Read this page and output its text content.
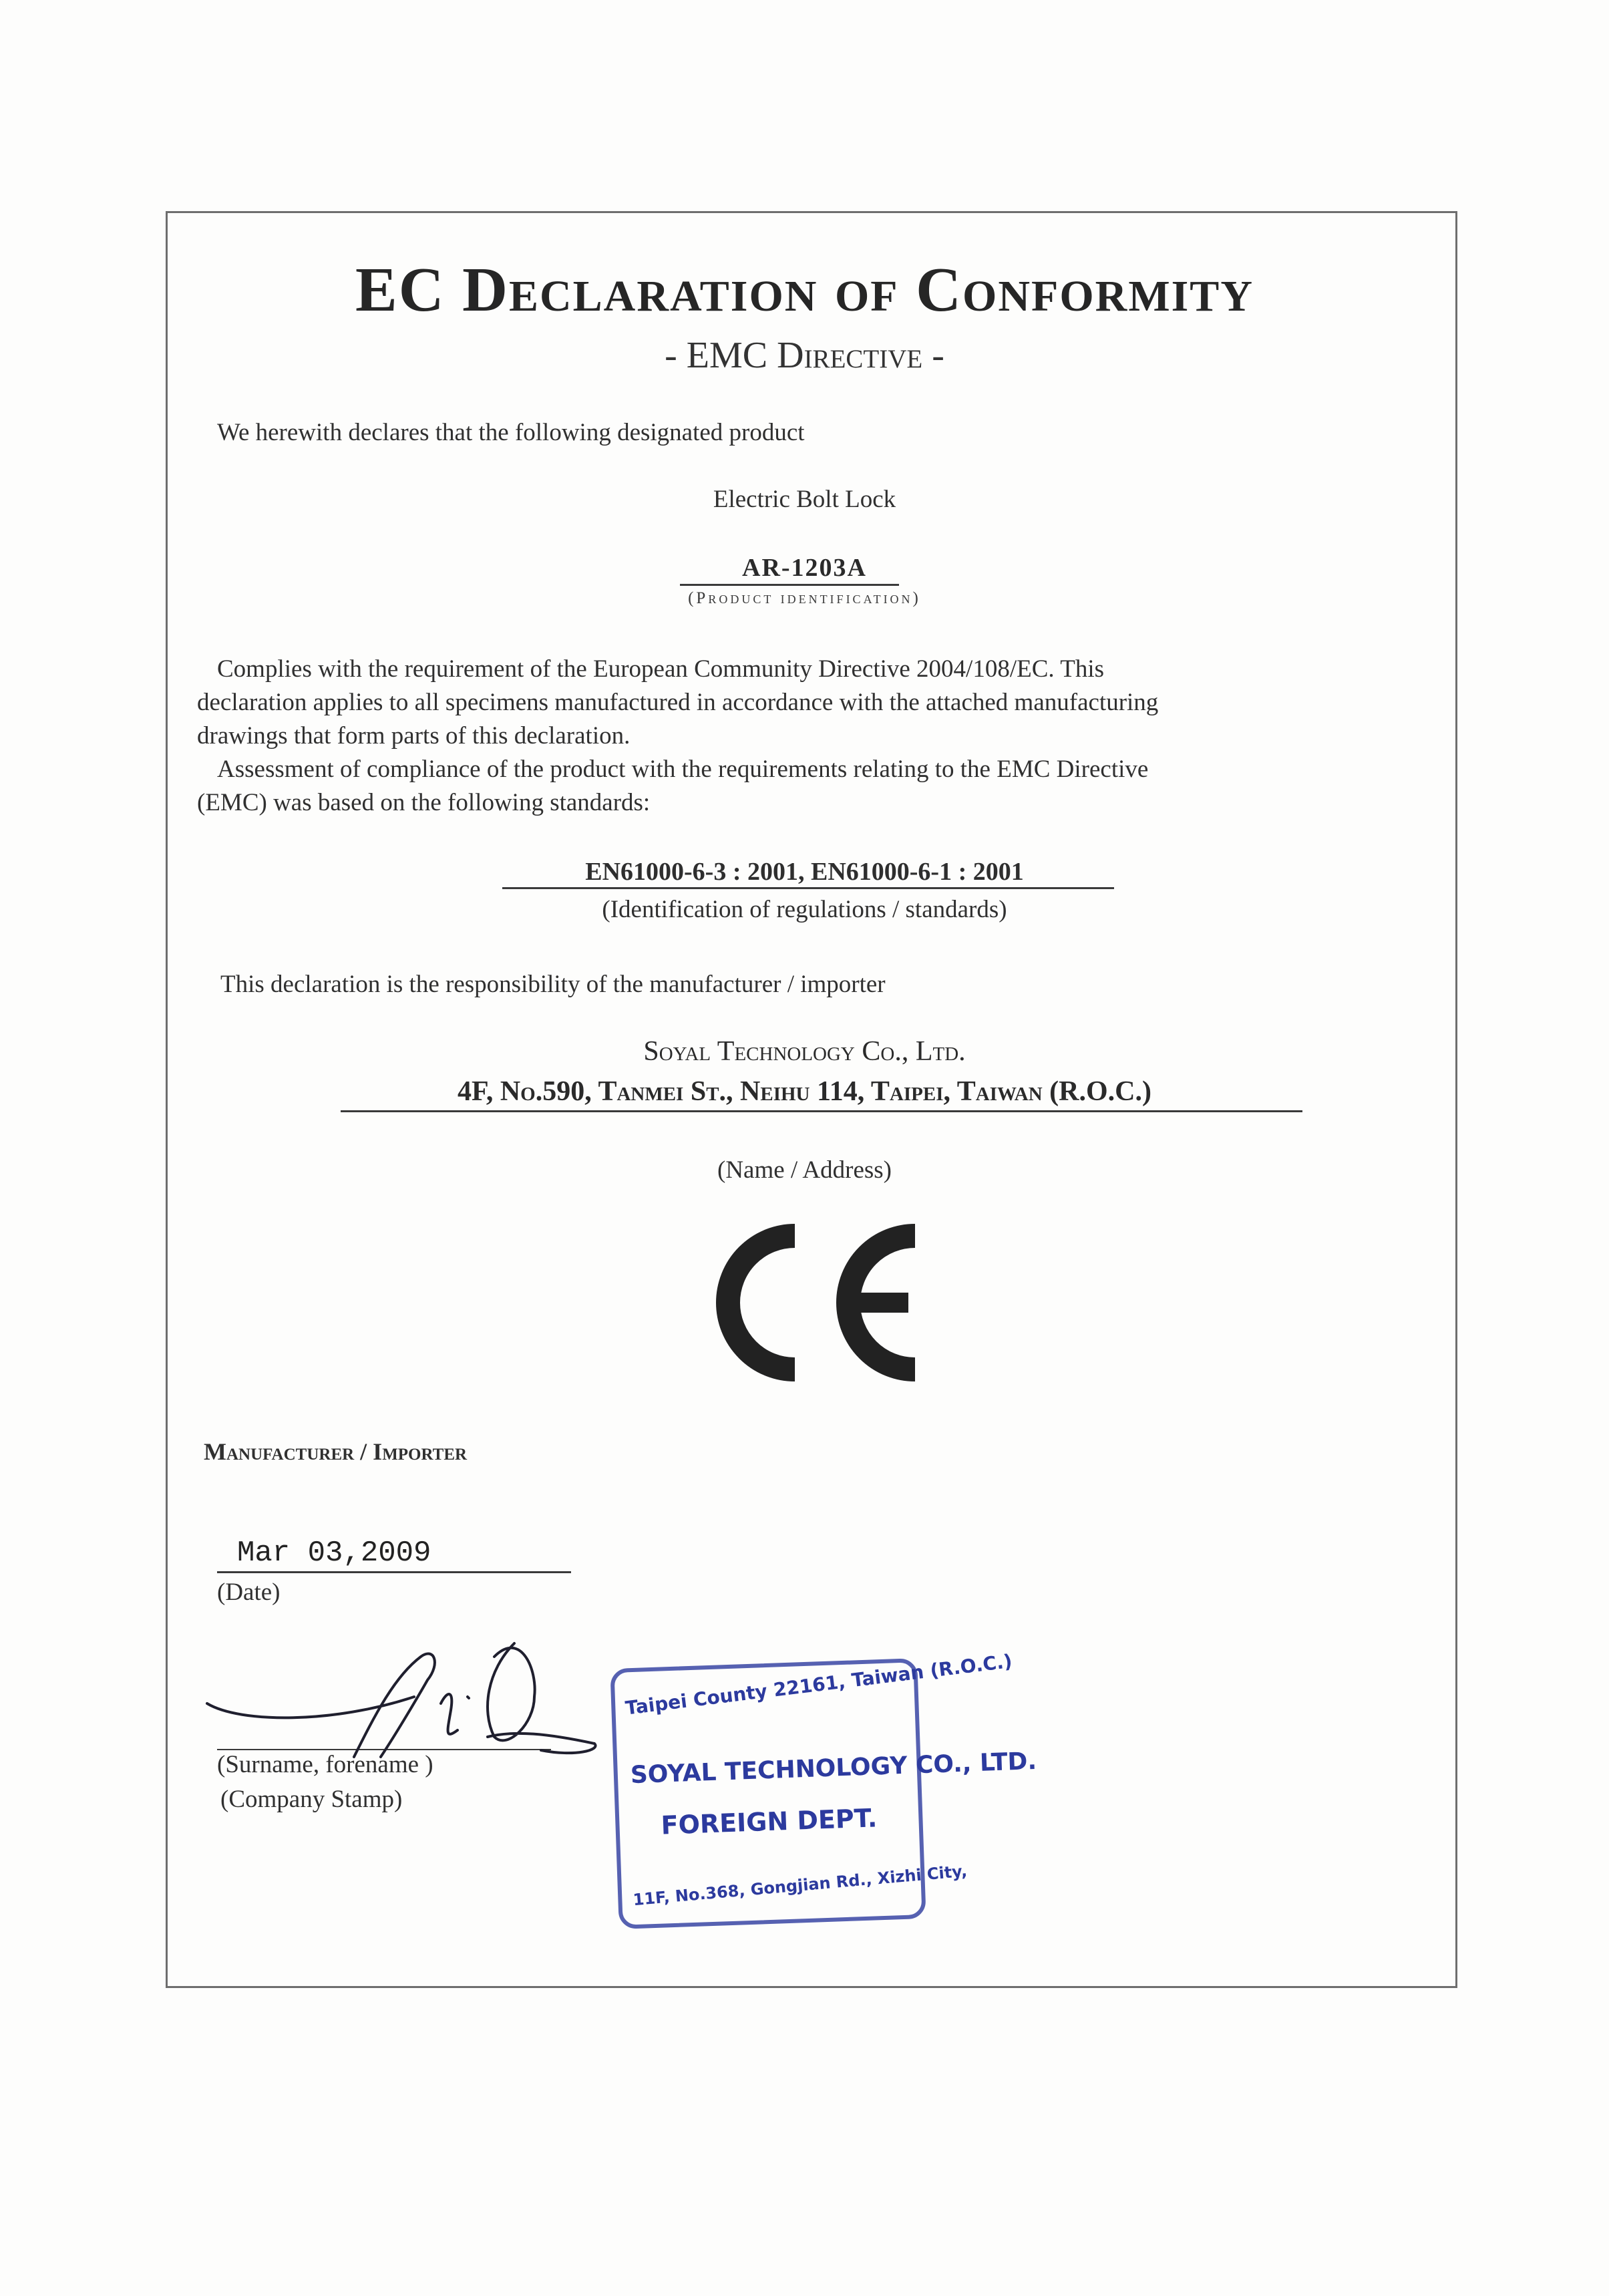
EC Declaration of Conformity
- EMC Directive -
We herewith declares that the following designated product
Electric Bolt Lock
AR-1203A
(Product identification)
Complies with the requirement of the European Community Directive 2004/108/EC. This
declaration applies to all specimens manufactured in accordance with the attached manufacturing
drawings that form parts of this declaration.
Assessment of compliance of the product with the requirements relating to the EMC Directive
(EMC) was based on the following standards:
EN61000-6-3 : 2001, EN61000-6-1 : 2001
(Identification of regulations / standards)
This declaration is the responsibility of the manufacturer / importer
Soyal Technology Co., Ltd.
4F, No.590, Tanmei St., Neihu 114, Taipei, Taiwan (R.O.C.)
(Name / Address)
Manufacturer / Importer
Mar 03,2009
(Date)
(Surname, forename )
(Company Stamp)
Taipei County 22161, Taiwan (R.O.C.)
SOYAL TECHNOLOGY CO., LTD.
FOREIGN DEPT.
11F, No.368, Gongjian Rd., Xizhi City,
